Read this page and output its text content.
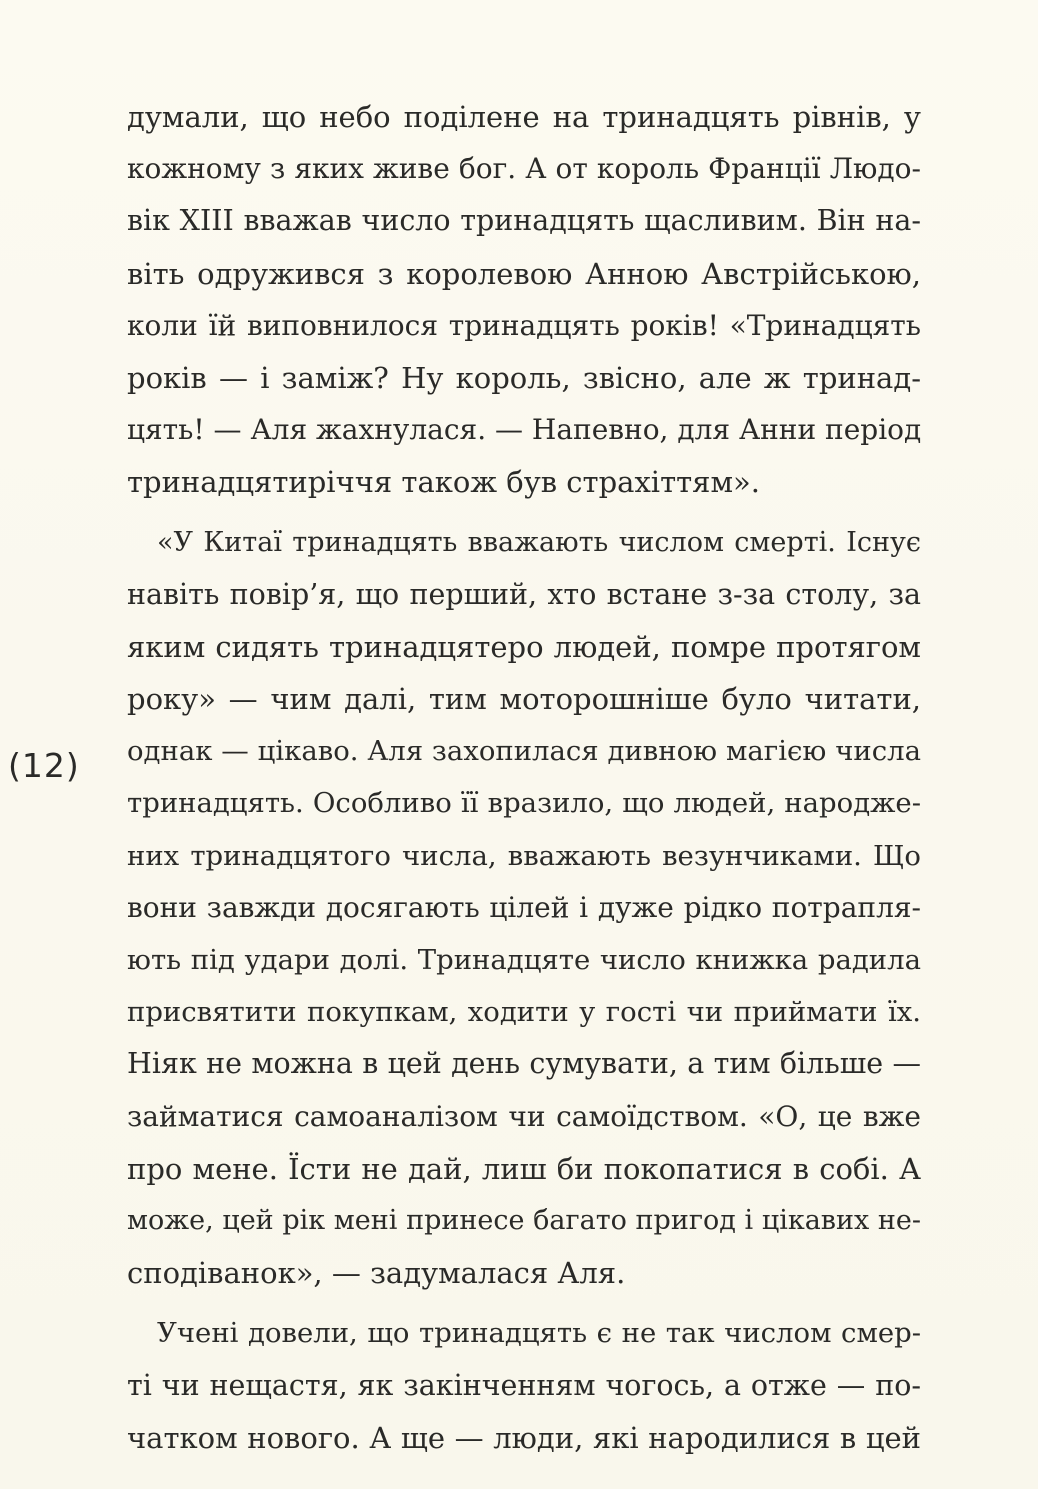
(12)
думали, що небо поділене на тринадцять рівнів, у
кожному з яких живе бог. А от король Франції Людо-
вік XIII вважав число тринадцять щасливим. Він на-
віть одружився з королевою Анною Австрійською,
коли їй виповнилося тринадцять років! «Тринадцять
років — і заміж? Ну король, звісно, але ж тринад-
цять! — Аля жахнулася. — Напевно, для Анни період
тринадцятиріччя також був страхіттям».
«У Китаї тринадцять вважають числом смерті. Існує
навіть повір’я, що перший, хто встане з-за столу, за
яким сидять тринадцятеро людей, помре протягом
року» — чим далі, тим моторошніше було читати,
однак — цікаво. Аля захопилася дивною магією числа
тринадцять. Особливо її вразило, що людей, народже-
них тринадцятого числа, вважають везунчиками. Що
вони завжди досягають цілей і дуже рідко потрапля-
ють під удари долі. Тринадцяте число книжка радила
присвятити покупкам, ходити у гості чи приймати їх.
Ніяк не можна в цей день сумувати, а тим більше —
займатися самоаналізом чи самоїдством. «О, це вже
про мене. Їсти не дай, лиш би покопатися в собі. А
може, цей рік мені принесе багато пригод і цікавих не-
сподіванок», — задумалася Аля.
Учені довели, що тринадцять є не так числом смер-
ті чи нещастя, як закінченням чогось, а отже — по-
чатком нового. А ще — люди, які народилися в цей
